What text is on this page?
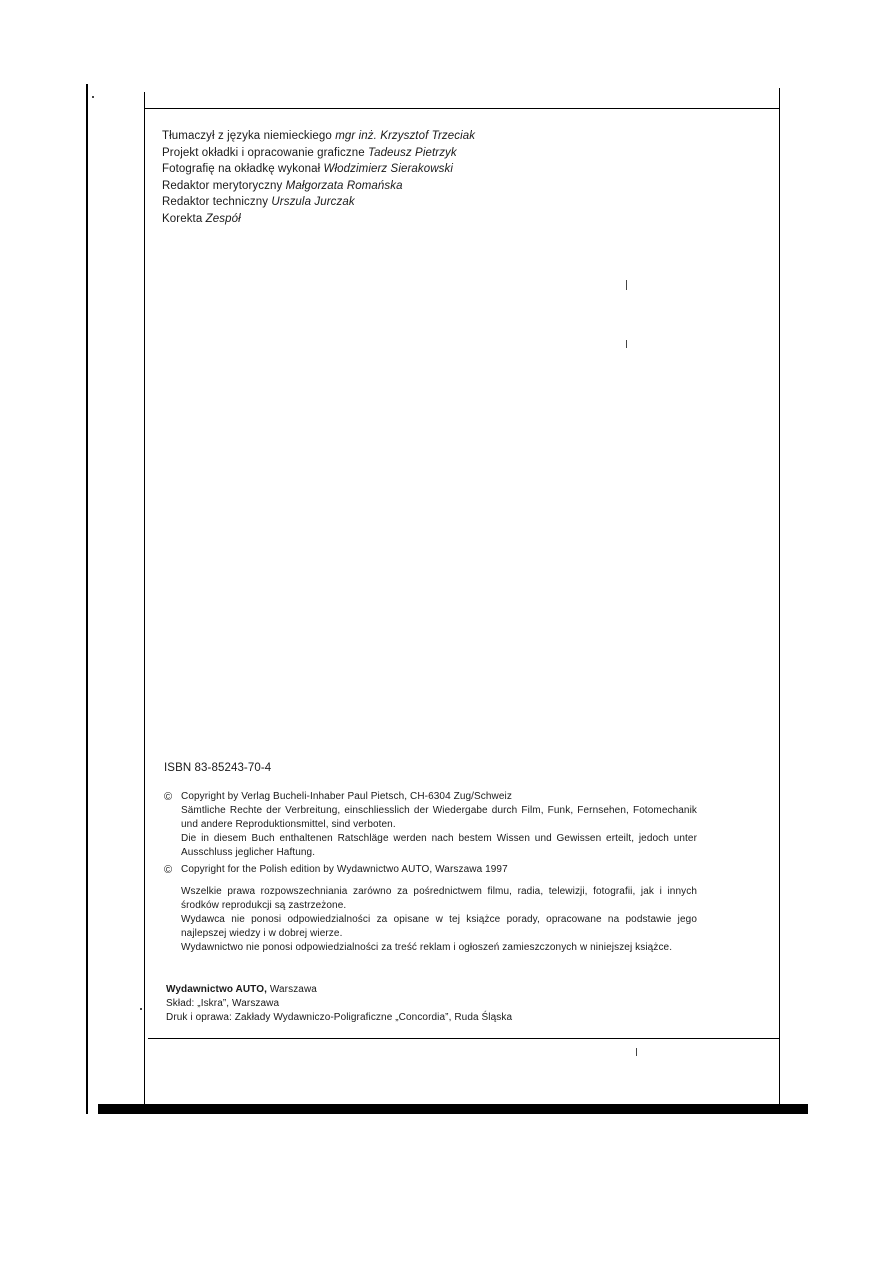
Tłumaczył z języka niemieckiego mgr inż. Krzysztof Trzeciak
Projekt okładki i opracowanie graficzne Tadeusz Pietrzyk
Fotografię na okładkę wykonał Włodzimierz Sierakowski
Redaktor merytoryczny Małgorzata Romańska
Redaktor techniczny Urszula Jurczak
Korekta Zespół
ISBN 83-85243-70-4
© Copyright by Verlag Bucheli-Inhaber Paul Pietsch, CH-6304 Zug/Schweiz
Sämtliche Rechte der Verbreitung, einschliesslich der Wiedergabe durch Film, Funk, Fernsehen, Fotomechanik und andere Reproduktionsmittel, sind verboten.
Die in diesem Buch enthaltenen Ratschläge werden nach bestem Wissen und Gewissen erteilt, jedoch unter Ausschluss jeglicher Haftung.
© Copyright for the Polish edition by Wydawnictwo AUTO, Warszawa 1997
Wszelkie prawa rozpowszechniania zarówno za pośrednictwem filmu, radia, telewizji, fotografii, jak i innych środków reprodukcji są zastrzeżone.
Wydawca nie ponosi odpowiedzialności za opisane w tej książce porady, opracowane na podstawie jego najlepszej wiedzy i w dobrej wierze.
Wydawnictwo nie ponosi odpowiedzialności za treść reklam i ogłoszeń zamieszczonych w niniejszej książce.
Wydawnictwo AUTO, Warszawa
Skład: „Iskra”, Warszawa
Druk i oprawa: Zakłady Wydawniczo-Poligraficzne „Concordia”, Ruda Śląska
